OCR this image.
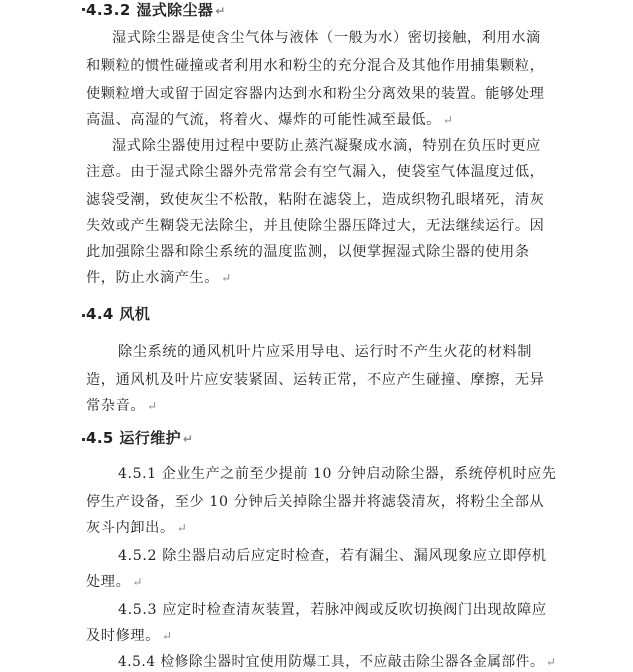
4.3.2 湿式除尘器 ↵
湿式除尘器是使含尘气体与液体（一般为水）密切接触，利用水滴
和颗粒的惯性碰撞或者利用水和粉尘的充分混合及其他作用捕集颗粒，
使颗粒增大或留于固定容器内达到水和粉尘分离效果的装置。能够处理
高温、高湿的气流，将着火、爆炸的可能性减至最低。 ↵
湿式除尘器使用过程中要防止蒸汽凝聚成水滴，特别在负压时更应
注意。由于湿式除尘器外壳常常会有空气漏入，使袋室气体温度过低，
滤袋受潮，致使灰尘不松散，粘附在滤袋上，造成织物孔眼堵死，清灰
失效或产生糊袋无法除尘，并且使除尘器压降过大，无法继续运行。因
此加强除尘器和除尘系统的温度监测，以便掌握湿式除尘器的使用条
件，防止水滴产生。 ↵
4.4 风机
除尘系统的通风机叶片应采用导电、运行时不产生火花的材料制
造，通风机及叶片应安装紧固、运转正常，不应产生碰撞、摩擦，无异
常杂音。 ↵
4.5 运行维护 ↵
4.5.1 企业生产之前至少提前 10 分钟启动除尘器，系统停机时应先
停生产设备，至少 10 分钟后关掉除尘器并将滤袋清灰，将粉尘全部从
灰斗内卸出。 ↵
4.5.2 除尘器启动后应定时检查，若有漏尘、漏风现象应立即停机
处理。 ↵
4.5.3 应定时检查清灰装置，若脉冲阀或反吹切换阀门出现故障应
及时修理。 ↵
4.5.4 检修除尘器时宜使用防爆工具，不应敲击除尘器各金属部件。 ↵
